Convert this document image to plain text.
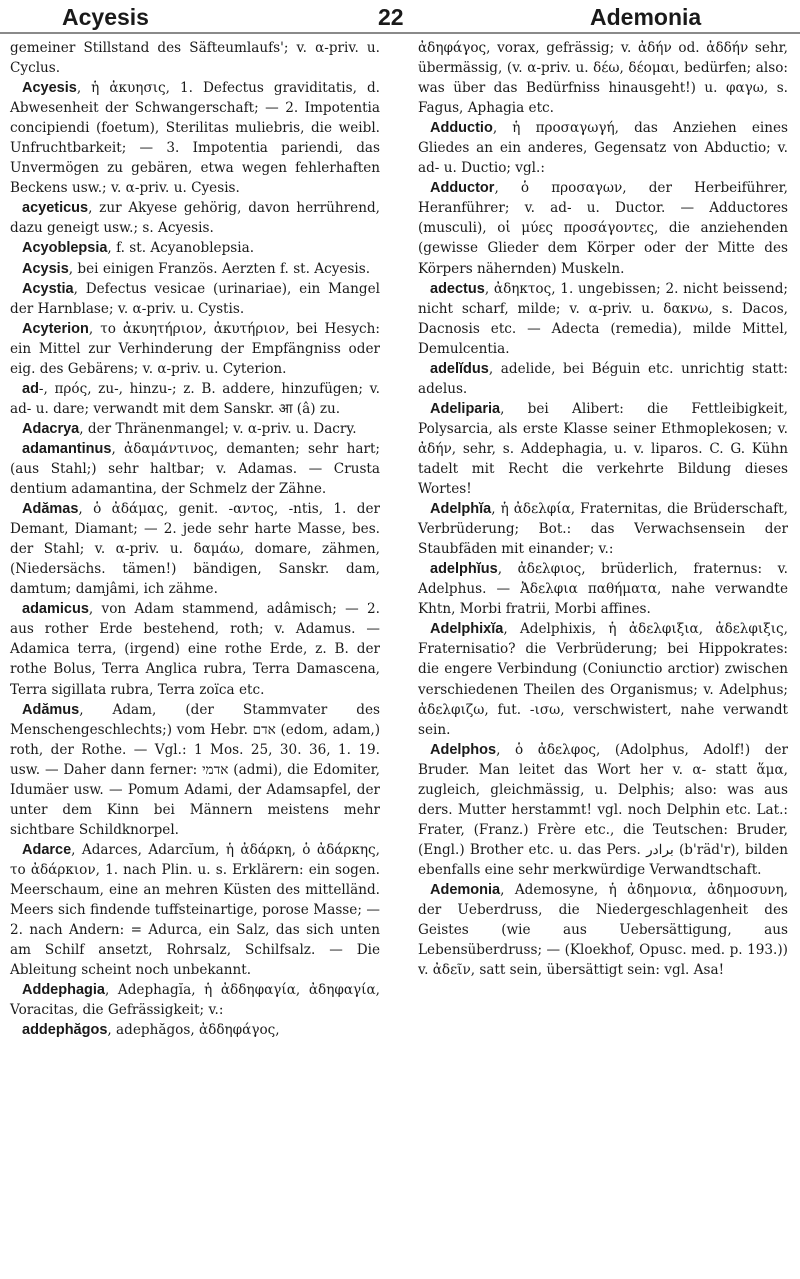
Acyesis	22	Ademonia

gemeiner Stillstand des Säfteumlaufs'; v. α-priv. u. Cyclus.

Acyesis, ἡ ἀκυησις, 1. Defectus graviditatis, d. Abwesenheit der Schwangerschaft; — 2. Impotentia concipiendi (foetum), Sterilitas muliebris, die weibl. Unfruchtbarkeit; — 3. Impotentia pariendi, das Unvermögen zu gebären, etwa wegen fehlerhaften Beckens usw.; v. α-priv. u. Cyesis.

acyeticus, zur Akyese gehörig, davon herrührend, dazu geneigt usw.; s. Acyesis.

Acyoblepsia, f. st. Acyanoblepsia.

Acysis, bei einigen Französ. Aerzten f. st. Acyesis.

Acystia, Defectus vesicae (urinariae), ein Mangel der Harnblase; v. α-priv. u. Cystis.

Acyterion, το ἀκυητήριον, ἀκυτήριον, bei Hesych: ein Mittel zur Verhinderung der Empfängniss oder eig. des Gebärens; v. α-priv. u. Cyterion.

ad-, πρός, zu-, hinzu-; z. B. addere, hinzufügen; v. ad- u. dare; verwandt mit dem Sanskr. आ (â) zu.

Adacrya, der Thränenmangel; v. α-priv. u. Dacry.

adamantinus, ἀδαμάντινος, demanten; sehr hart; (aus Stahl;) sehr haltbar; v. Adamas. — Crusta dentium adamantina, der Schmelz der Zähne.

Adămas, ὁ ἀδάμας, genit. -αντος, -ntis, 1. der Demant, Diamant; — 2. jede sehr harte Masse, bes. der Stahl; v. α-priv. u. δαμάω, domare, zähmen, (Niedersächs. tämen!) bändigen, Sanskr. dam, damtum; damjâmi, ich zähme.

adamicus, von Adam stammend, adâmisch; — 2. aus rother Erde bestehend, roth; v. Adamus. — Adamica terra, (irgend) eine rothe Erde, z. B. der rothe Bolus, Terra Anglica rubra, Terra Damascena, Terra sigillata rubra, Terra zoïca etc.

Adămus, Adam, (der Stammvater des Menschengeschlechts;) vom Hebr. אדם (edom, adam,) roth, der Rothe. — Vgl.: 1 Mos. 25, 30. 36, 1. 19. usw. — Daher dann ferner: אדמי (admi), die Edomiter, Idumäer usw. — Pomum Adami, der Adamsapfel, der unter dem Kinn bei Männern meistens mehr sichtbare Schildknorpel.

Adarce, Adarces, Adarcĭum, ἡ ἀδάρκη, ὁ ἀδάρκης, το ἀδάρκιον, 1. nach Plin. u. s. Erklärern: ein sogen. Meerschaum, eine an mehren Küsten des mittelländ. Meers sich findende tuffsteinartige, porose Masse; — 2. nach Andern: = Adurca, ein Salz, das sich unten am Schilf ansetzt, Rohrsalz, Schilfsalz. — Die Ableitung scheint noch unbekannt.

Addephagia, Adephagĭa, ἡ ἀδδηφαγία, ἀδηφαγία, Voracitas, die Gefrässigkeit; v.:

addephăgos, adephăgos, ἀδδηφάγος,

ἀδηφάγος, vorax, gefrässig; v. ἀδήν od. ἀδδήν sehr, übermässig, (v. α-priv. u. δέω, δέομαι, bedürfen; also: was über das Bedürfniss hinausgeht!) u. φαγω, s. Fagus, Aphagia etc.

Adductio, ἡ προσαγωγή, das Anziehen eines Gliedes an ein anderes, Gegensatz von Abductio; v. ad- u. Ductio; vgl.:

Adductor, ὁ προσαγων, der Herbeiführer, Heranführer; v. ad- u. Ductor. — Adductores (musculi), οἱ μύες προσάγοντες, die anziehenden (gewisse Glieder dem Körper oder der Mitte des Körpers nähernden) Muskeln.

adectus, ἀδηκτος, 1. ungebissen; 2. nicht beissend; nicht scharf, milde; v. α-priv. u. δακνω, s. Dacos, Dacnosis etc. — Adecta (remedia), milde Mittel, Demulcentia.

adelĭdus, adelide, bei Béguin etc. unrichtig statt: adelus.

Adeliparia, bei Alibert: die Fettleibigkeit, Polysarcia, als erste Klasse seiner Ethmoplekosen; v. ἀδήν, sehr, s. Addephagia, u. v. liparos. C. G. Kühn tadelt mit Recht die verkehrte Bildung dieses Wortes!

Adelphĭa, ἡ ἀδελφία, Fraternitas, die Brüderschaft, Verbrüderung; Bot.: das Verwachsensein der Staubfäden mit einander; v.:

adelphĭus, ἀδελφιος, brüderlich, fraternus: v. Adelphus. — Ἀδελφια παθήματα, nahe verwandte Khtn, Morbi fratrii, Morbi affines.

Adelphixĭa, Adelphixis, ἡ ἀδελφιξια, ἀδελφιξις, Fraternisatio? die Verbrüderung; bei Hippokrates: die engere Verbindung (Coniunctio arctior) zwischen verschiedenen Theilen des Organismus; v. Adelphus; ἀδελφιζω, fut. -ισω, verschwistert, nahe verwandt sein.

Adelphos, ὁ ἀδελφος, (Adolphus, Adolf!) der Bruder. Man leitet das Wort her v. α- statt ἅμα, zugleich, gleichmässig, u. Delphis; also: was aus ders. Mutter herstammt! vgl. noch Delphin etc. Lat.: Frater, (Franz.) Frère etc., die Teutschen: Bruder, (Engl.) Brother etc. u. das Pers. برادر (b'räd'r), bilden ebenfalls eine sehr merkwürdige Verwandtschaft.

Ademonia, Ademosyne, ἡ ἀδημονια, ἀδημοσυνη, der Ueberdruss, die Niedergeschlagenheit des Geistes (wie aus Uebersättigung, aus Lebensüberdruss; — (Kloekhof, Opusc. med. p. 193.)) v. ἀδεῖν, satt sein, übersättigt sein: vgl. Asa!
